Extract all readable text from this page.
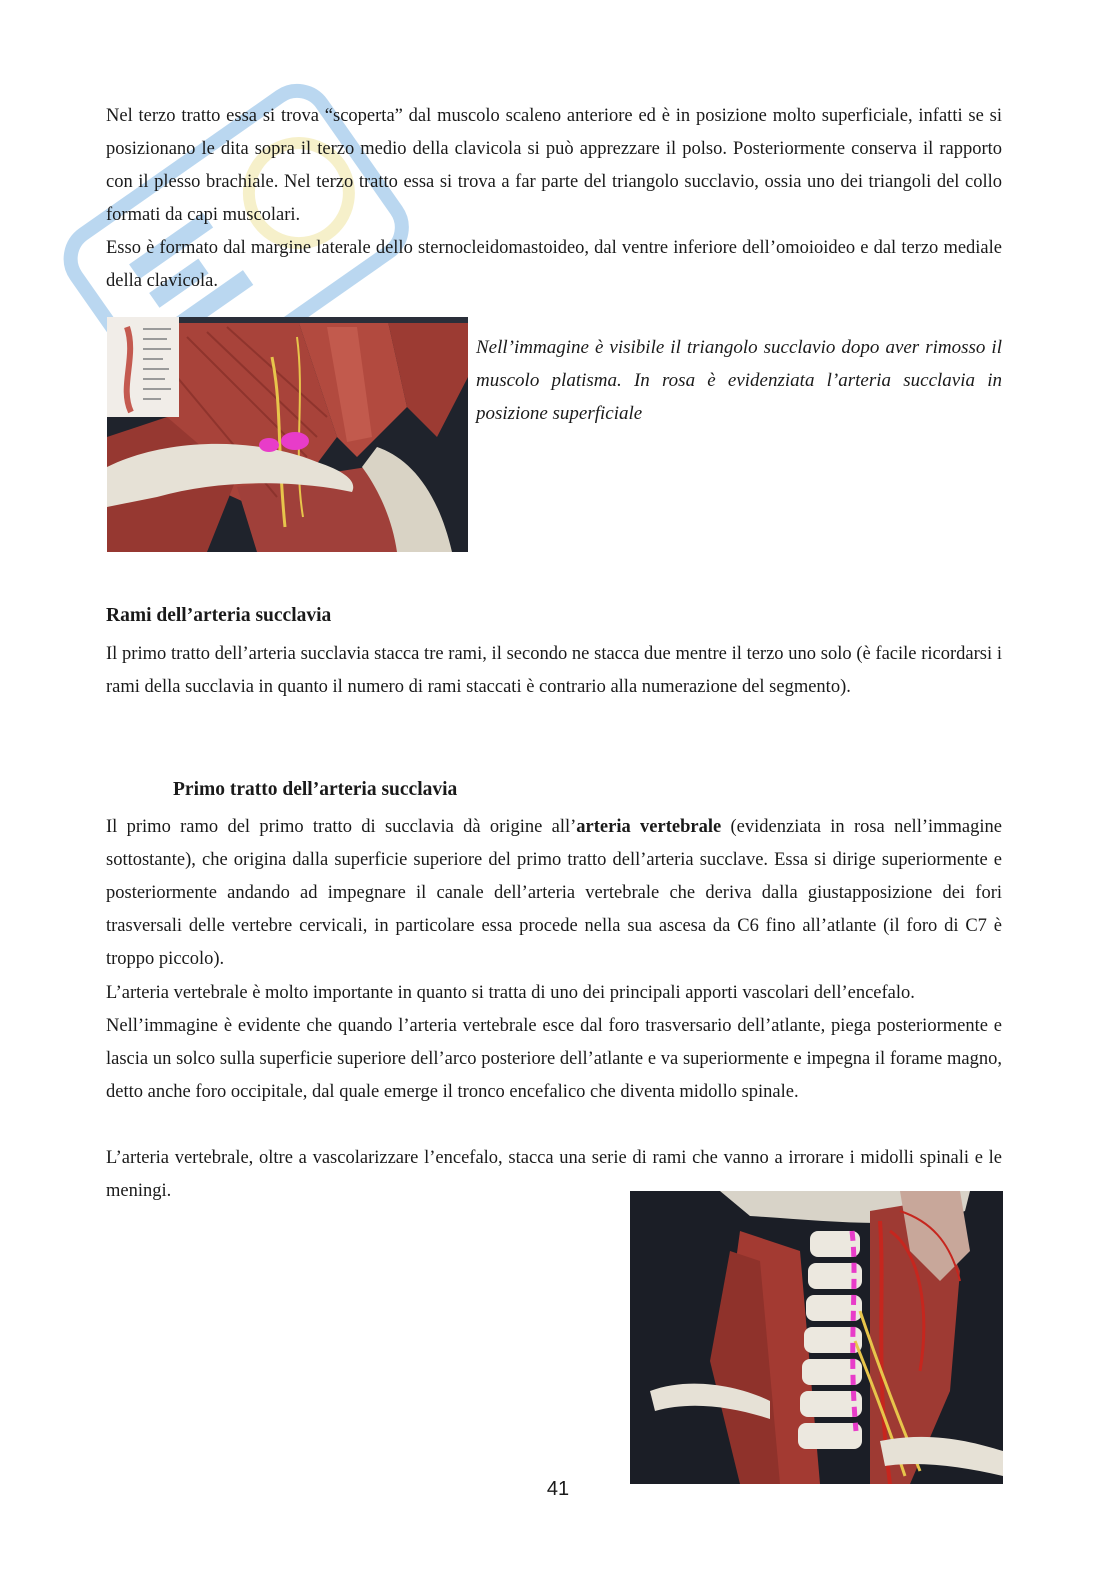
Nel terzo tratto essa si trova “scoperta” dal muscolo scaleno anteriore ed è in posizione molto superficiale, infatti se si posizionano le dita sopra il terzo medio della clavicola si può apprezzare il polso. Posteriormente conserva il rapporto con il plesso brachiale. Nel terzo tratto essa si trova a far parte del triangolo succlavio, ossia uno dei triangoli del collo formati da capi muscolari.

Esso è formato dal margine laterale dello sternocleidomastoideo, dal ventre inferiore dell’omoioideo e dal terzo mediale della clavicola.

Nell’immagine è visibile il triangolo succlavio dopo aver rimosso il muscolo platisma. In rosa è evidenziata l’arteria succlavia in posizione superficiale

Rami dell’arteria succlavia

Il primo tratto dell’arteria succlavia stacca tre rami, il secondo ne stacca due mentre il terzo uno solo (è facile ricordarsi i rami della succlavia in quanto il numero di rami staccati è contrario alla numerazione del segmento).

Primo tratto dell’arteria succlavia

Il primo ramo del primo tratto di succlavia dà origine all’arteria vertebrale (evidenziata in rosa nell’immagine sottostante), che origina dalla superficie superiore del primo tratto dell’arteria succlave. Essa si dirige superiormente e posteriormente andando ad impegnare il canale dell’arteria vertebrale che deriva dalla giustapposizione dei fori trasversali delle vertebre cervicali, in particolare essa procede nella sua ascesa da C6 fino all’atlante (il foro di C7 è troppo piccolo).

L’arteria vertebrale è molto importante in quanto si tratta di uno dei principali apporti vascolari dell’encefalo.

Nell’immagine è evidente che quando l’arteria vertebrale esce dal foro trasversario dell’atlante, piega posteriormente e lascia un solco sulla superficie superiore dell’arco posteriore dell’atlante e va superiormente e impegna il forame magno, detto anche foro occipitale, dal quale emerge il tronco encefalico che diventa midollo spinale.

L’arteria vertebrale, oltre a vascolarizzare l’encefalo, stacca una serie di rami che vanno a irrorare i midolli spinali e le meningi.

41
